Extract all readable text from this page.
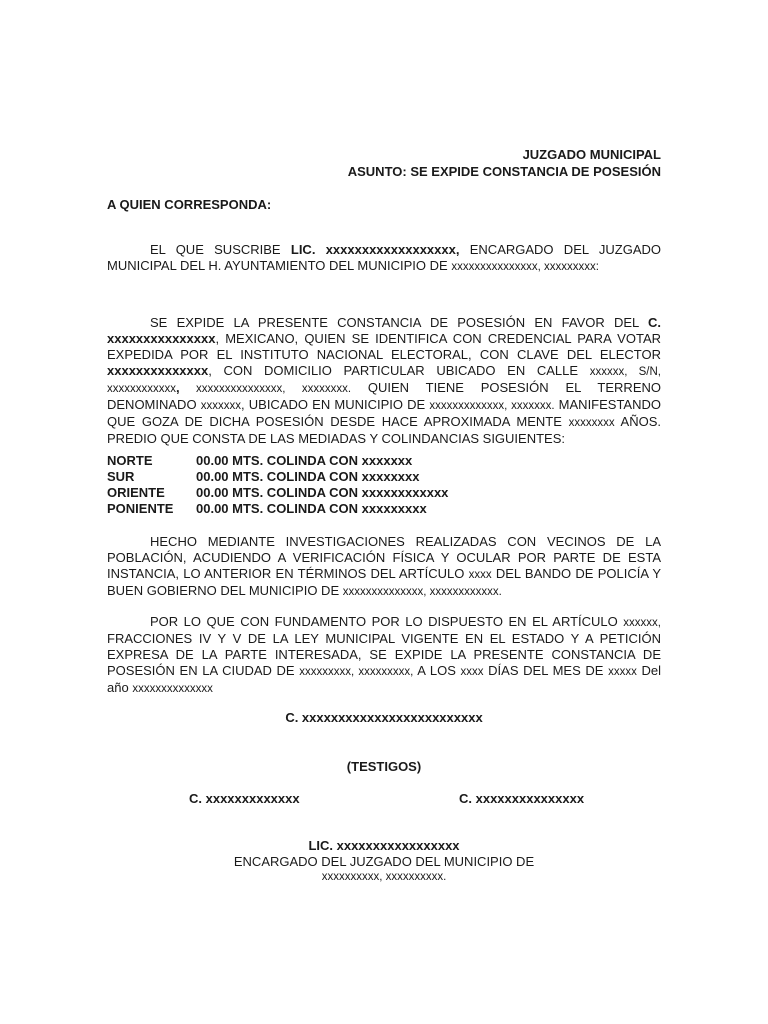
JUZGADO MUNICIPAL
ASUNTO: SE EXPIDE CONSTANCIA DE POSESIÓN
A QUIEN CORRESPONDA:
EL QUE SUSCRIBE LIC. xxxxxxxxxxxxxxxxxx, ENCARGADO DEL JUZGADO MUNICIPAL DEL H. AYUNTAMIENTO DEL MUNICIPIO DE xxxxxxxxxxxxxxx, xxxxxxxxx:
SE EXPIDE LA PRESENTE CONSTANCIA DE POSESIÓN EN FAVOR DEL C. xxxxxxxxxxxxxxx, MEXICANO, QUIEN SE IDENTIFICA CON CREDENCIAL PARA VOTAR EXPEDIDA POR EL INSTITUTO NACIONAL ELECTORAL, CON CLAVE DEL ELECTOR xxxxxxxxxxxxxx, CON DOMICILIO PARTICULAR UBICADO EN CALLE xxxxxx, S/N, xxxxxxxxxxxx, xxxxxxxxxxxxxxx, xxxxxxxx. QUIEN TIENE POSESIÓN EL TERRENO DENOMINADO xxxxxxx, UBICADO EN MUNICIPIO DE xxxxxxxxxxxxx, xxxxxxx. MANIFESTANDO QUE GOZA DE DICHA POSESIÓN DESDE HACE APROXIMADA MENTE xxxxxxxx AÑOS. PREDIO QUE CONSTA DE LAS MEDIADAS Y COLINDANCIAS SIGUIENTES:
NORTE	00.00 MTS. COLINDA CON xxxxxxx
SUR	00.00 MTS. COLINDA CON xxxxxxxx
ORIENTE 00.00 MTS. COLINDA CON xxxxxxxxxxxx
PONIENTE 00.00 MTS. COLINDA CON xxxxxxxxx
HECHO MEDIANTE INVESTIGACIONES REALIZADAS CON VECINOS DE LA POBLACIÓN, ACUDIENDO A VERIFICACIÓN FÍSICA Y OCULAR POR PARTE DE ESTA INSTANCIA, LO ANTERIOR EN TÉRMINOS DEL ARTÍCULO xxxx DEL BANDO DE POLICÍA Y BUEN GOBIERNO DEL MUNICIPIO DE xxxxxxxxxxxxxx, xxxxxxxxxxxx.
POR LO QUE CON FUNDAMENTO POR LO DISPUESTO EN EL ARTÍCULO xxxxxx, FRACCIONES IV Y V DE LA LEY MUNICIPAL VIGENTE EN EL ESTADO Y A PETICIÓN EXPRESA DE LA PARTE INTERESADA, SE EXPIDE LA PRESENTE CONSTANCIA DE POSESIÓN EN LA CIUDAD DE xxxxxxxxx, xxxxxxxxx, A LOS xxxx DÍAS DEL MES DE xxxxx Del año xxxxxxxxxxxxxx
C. xxxxxxxxxxxxxxxxxxxxxxxxx
(TESTIGOS)
C. xxxxxxxxxxxxx	C. xxxxxxxxxxxxxxx
LIC. xxxxxxxxxxxxxxxxx
ENCARGADO DEL JUZGADO DEL MUNICIPIO DE
xxxxxxxxxx, xxxxxxxxxx.
